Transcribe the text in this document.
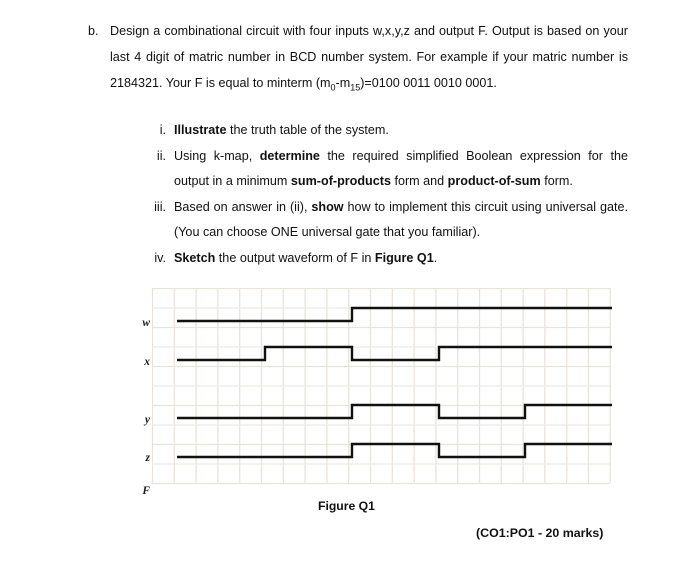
b. Design a combinational circuit with four inputs w,x,y,z and output F. Output is based on your last 4 digit of matric number in BCD number system. For example if your matric number is 2184321. Your F is equal to minterm $(m_0-m_{15})=0100$ 0011 0010 0001.
i. Illustrate the truth table of the system.
ii. Using k-map, determine the required simplified Boolean expression for the output in a minimum sum-of-products form and product-of-sum form.
iii. Based on answer in (ii), show how to implement this circuit using universal gate. (You can choose ONE universal gate that you familiar).
iv. Sketch the output waveform of F in Figure Q1.
w
x
y
z
F
Figure Q1
(CO1:PO1 - 20 marks)
